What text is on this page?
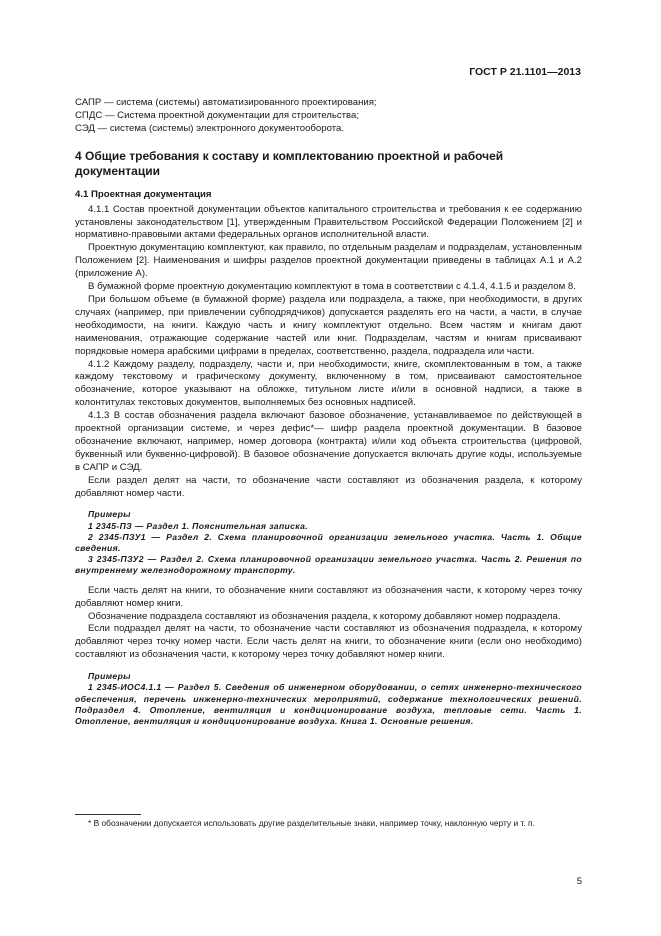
ГОСТ Р 21.1101—2013

САПР — система (системы) автоматизированного проектирования;

СПДС — Система проектной документации для строительства;

СЭД — система (системы) электронного документооборота.

4 Общие требования к составу и комплектованию проектной и рабочей документации
4.1 Проектная документация

4.1.1 Состав проектной документации объектов капитального строительства и требования к ее содержанию установлены законодательством [1], утвержденным Правительством Российской Федерации Положением [2] и нормативно-правовыми актами федеральных органов исполнительной власти.

Проектную документацию комплектуют, как правило, по отдельным разделам и подразделам, установленным Положением [2]. Наименования и шифры разделов проектной документации приведены в таблицах А.1 и А.2 (приложение А).

В бумажной форме проектную документацию комплектуют в тома в соответствии с 4.1.4, 4.1.5 и разделом 8.

При большом объеме (в бумажной форме) раздела или подраздела, а также, при необходимости, в других случаях (например, при привлечении субподрядчиков) допускается разделять его на части, а части, в случае необходимости, на книги. Каждую часть и книгу комплектуют отдельно. Всем частям и книгам дают наименования, отражающие содержание частей или книг. Подразделам, частям и книгам присваивают порядковые номера арабскими цифрами в пределах, соответственно, раздела, подраздела или части.

4.1.2 Каждому разделу, подразделу, части и, при необходимости, книге, скомплектованным в том, а также каждому текстовому и графическому документу, включенному в том, присваивают самостоятельное обозначение, которое указывают на обложке, титульном листе и/или в основной надписи, а также в колонтитулах текстовых документов, выполняемых без основных надписей.

4.1.3 В состав обозначения раздела включают базовое обозначение, устанавливаемое по действующей в проектной организации системе, и через дефис*— шифр раздела проектной документации. В базовое обозначение включают, например, номер договора (контракта) и/или код объекта строительства (цифровой, буквенный или буквенно-цифровой). В базовое обозначение допускается включать другие коды, используемые в САПР и СЭД.

Если раздел делят на части, то обозначение части составляют из обозначения раздела, к которому добавляют номер части.

Примеры

1 2345-ПЗ — Раздел 1. Пояснительная записка.

2 2345-ПЗУ1 — Раздел 2. Схема планировочной организации земельного участка. Часть 1. Общие сведения.

3 2345-ПЗУ2 — Раздел 2. Схема планировочной организации земельного участка. Часть 2. Решения по внутреннему железнодорожному транспорту.

Если часть делят на книги, то обозначение книги составляют из обозначения части, к которому через точку добавляют номер книги.

Обозначение подраздела составляют из обозначения раздела, к которому добавляют номер подраздела.

Если подраздел делят на части, то обозначение части составляют из обозначения подраздела, к которому добавляют через точку номер части. Если часть делят на книги, то обозначение книги (если оно необходимо) составляют из обозначения части, к которому через точку добавляют номер книги.

Примеры

1 2345-ИОС4.1.1 — Раздел 5. Сведения об инженерном оборудовании, о сетях инженерно-технического обеспечения, перечень инженерно-технических мероприятий, содержание технологических решений. Подраздел 4. Отопление, вентиляция и кондиционирование воздуха, тепловые сети. Часть 1. Отопление, вентиляция и кондиционирование воздуха. Книга 1. Основные решения.

* В обозначении допускается использовать другие разделительные знаки, например точку, наклонную черту и т. п.

5
